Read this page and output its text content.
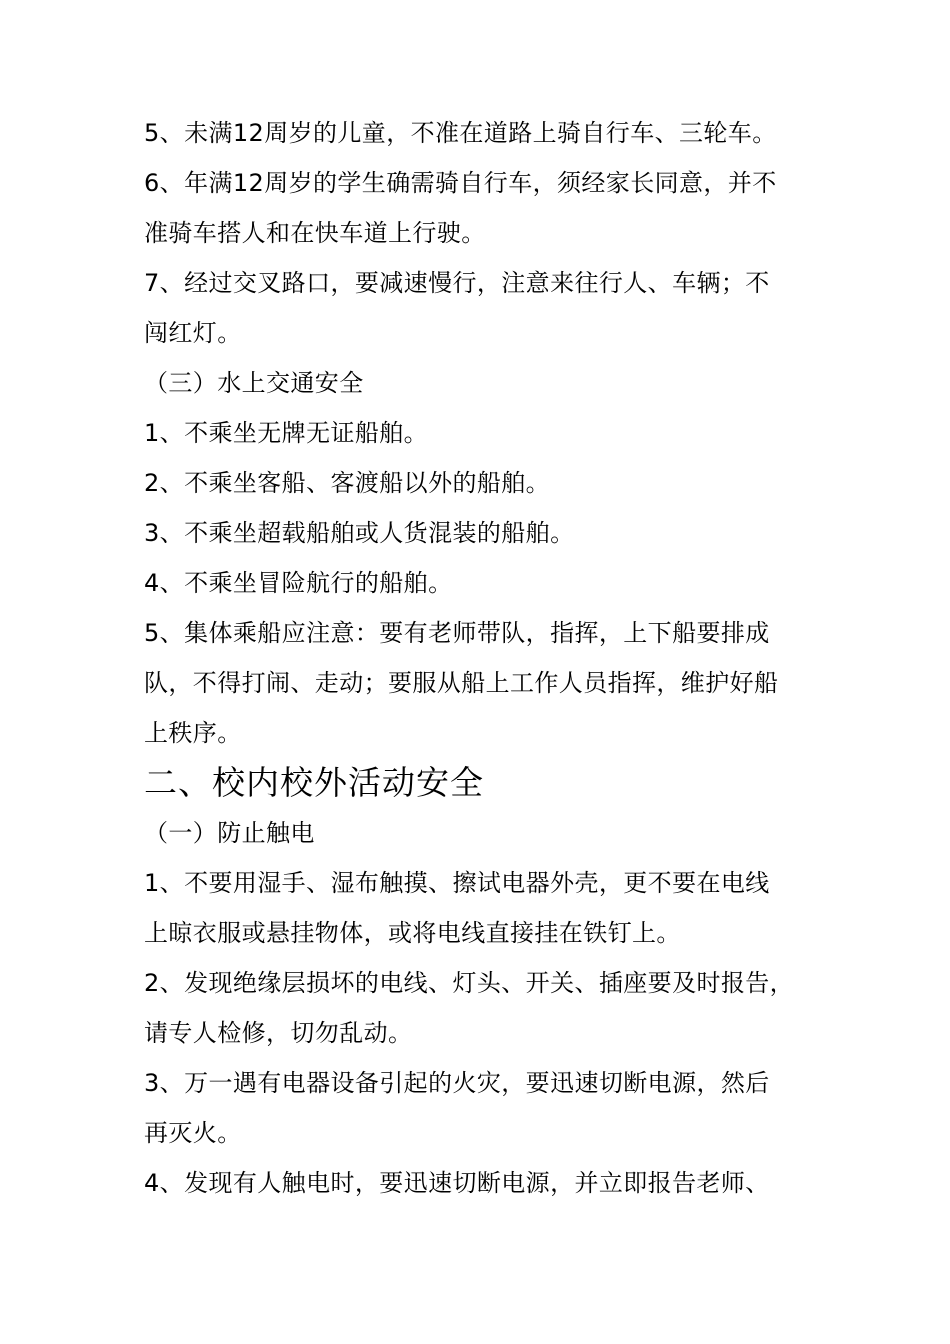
5、未满12周岁的儿童，不准在道路上骑自行车、三轮车。

6、年满12周岁的学生确需骑自行车，须经家长同意，并不

准骑车搭人和在快车道上行驶。

7、经过交叉路口，要减速慢行，注意来往行人、车辆；不

闯红灯。

（三）水上交通安全

1、不乘坐无牌无证船舶。

2、不乘坐客船、客渡船以外的船舶。

3、不乘坐超载船舶或人货混装的船舶。

4、不乘坐冒险航行的船舶。

5、集体乘船应注意：要有老师带队，指挥，上下船要排成

队，不得打闹、走动；要服从船上工作人员指挥，维护好船

上秩序。

二、校内校外活动安全

（一）防止触电

1、不要用湿手、湿布触摸、擦试电器外壳，更不要在电线

上晾衣服或悬挂物体，或将电线直接挂在铁钉上。

2、发现绝缘层损坏的电线、灯头、开关、插座要及时报告，

请专人检修，切勿乱动。

3、万一遇有电器设备引起的火灾，要迅速切断电源，然后

再灭火。

4、发现有人触电时，要迅速切断电源，并立即报告老师、
